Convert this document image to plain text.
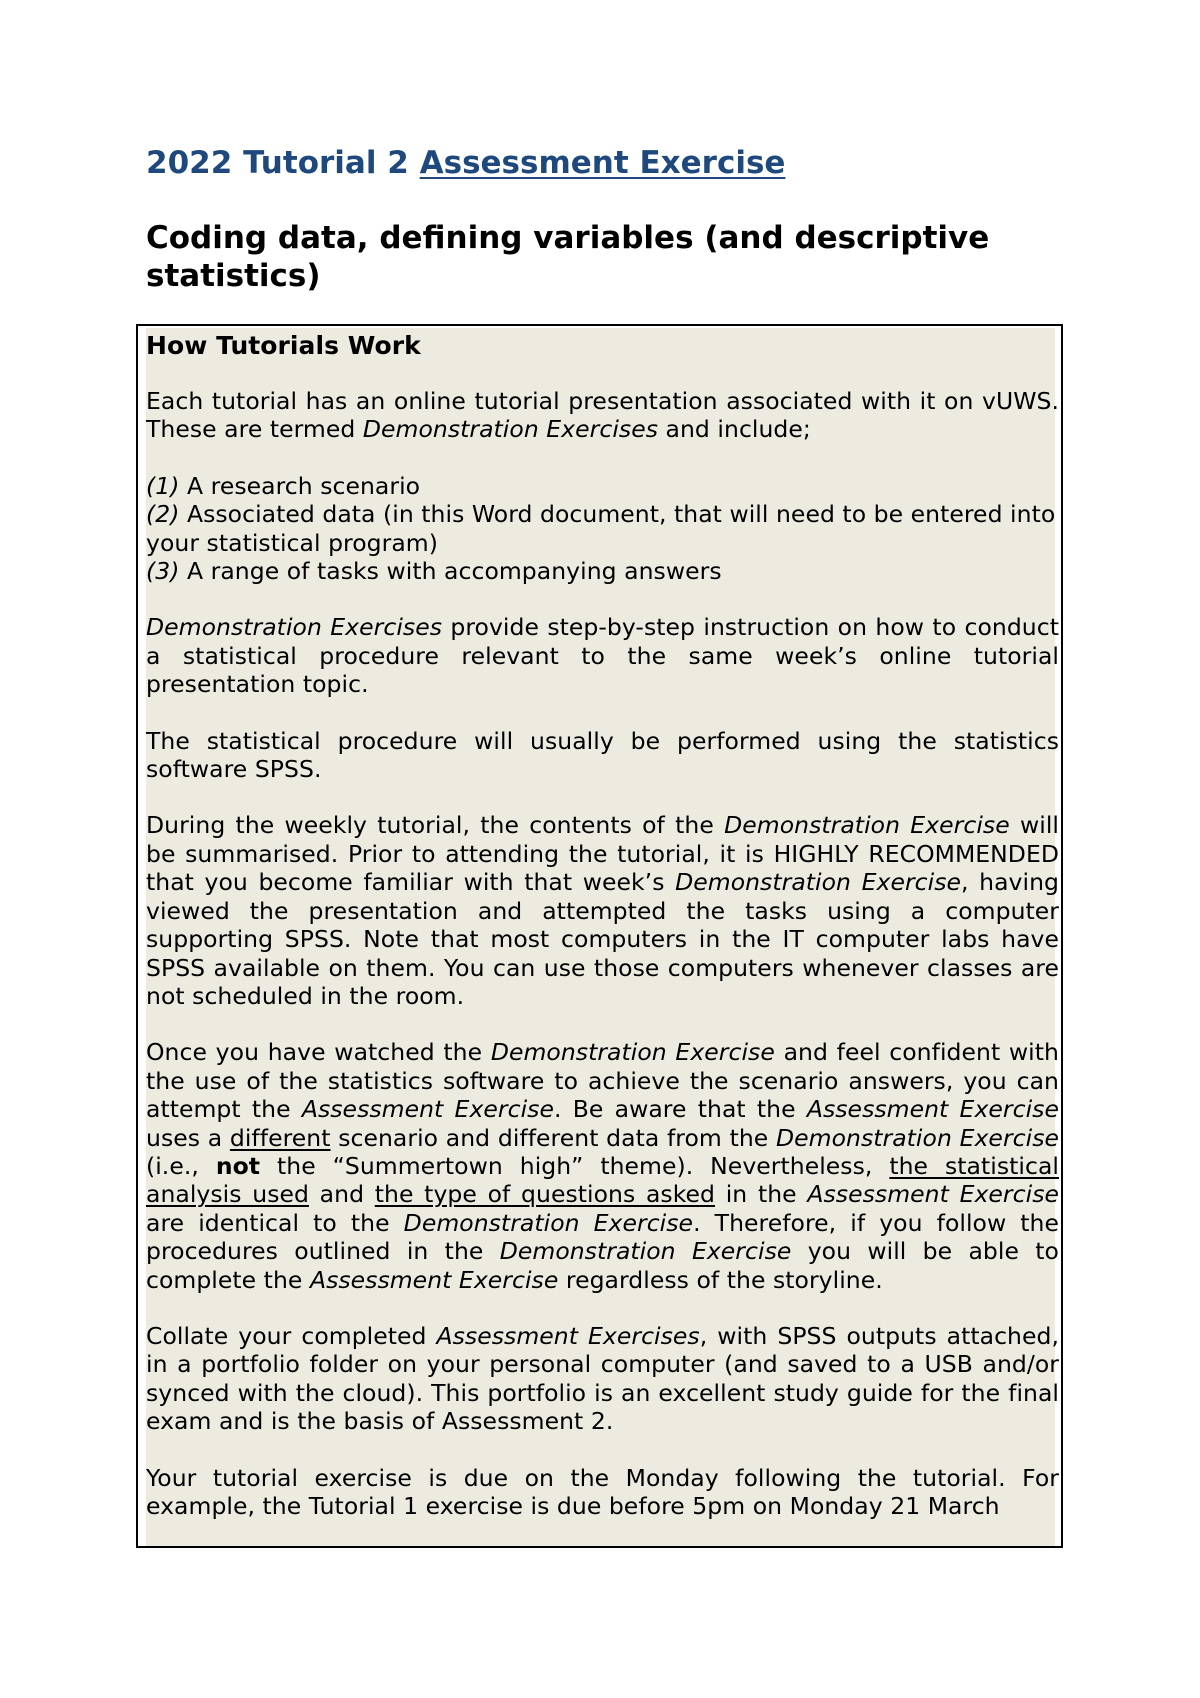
2022 Tutorial 2 Assessment Exercise
Coding data, defining variables (and descriptive statistics)
How Tutorials Work

Each tutorial has an online tutorial presentation associated with it on vUWS. These are termed Demonstration Exercises and include;

(1) A research scenario

(2) Associated data (in this Word document, that will need to be entered into your statistical program)

(3) A range of tasks with accompanying answers

Demonstration Exercises provide step-by-step instruction on how to conduct a statistical procedure relevant to the same week’s online tutorial presentation topic.

The statistical procedure will usually be performed using the statistics software SPSS.

During the weekly tutorial, the contents of the Demonstration Exercise will be summarised. Prior to attending the tutorial, it is HIGHLY RECOMMENDED that you become familiar with that week’s Demonstration Exercise, having viewed the presentation and attempted the tasks using a computer supporting SPSS. Note that most computers in the IT computer labs have SPSS available on them. You can use those computers whenever classes are not scheduled in the room.

Once you have watched the Demonstration Exercise and feel confident with the use of the statistics software to achieve the scenario answers, you can attempt the Assessment Exercise. Be aware that the Assessment Exercise uses a different scenario and different data from the Demonstration Exercise (i.e., not the “Summertown high” theme). Nevertheless, the statistical analysis used and the type of questions asked in the Assessment Exercise are identical to the Demonstration Exercise. Therefore, if you follow the procedures outlined in the Demonstration Exercise you will be able to complete the Assessment Exercise regardless of the storyline.

Collate your completed Assessment Exercises, with SPSS outputs attached, in a portfolio folder on your personal computer (and saved to a USB and/or synced with the cloud). This portfolio is an excellent study guide for the final exam and is the basis of Assessment 2.

Your tutorial exercise is due on the Monday following the tutorial. For example, the Tutorial 1 exercise is due before 5pm on Monday 21 March
